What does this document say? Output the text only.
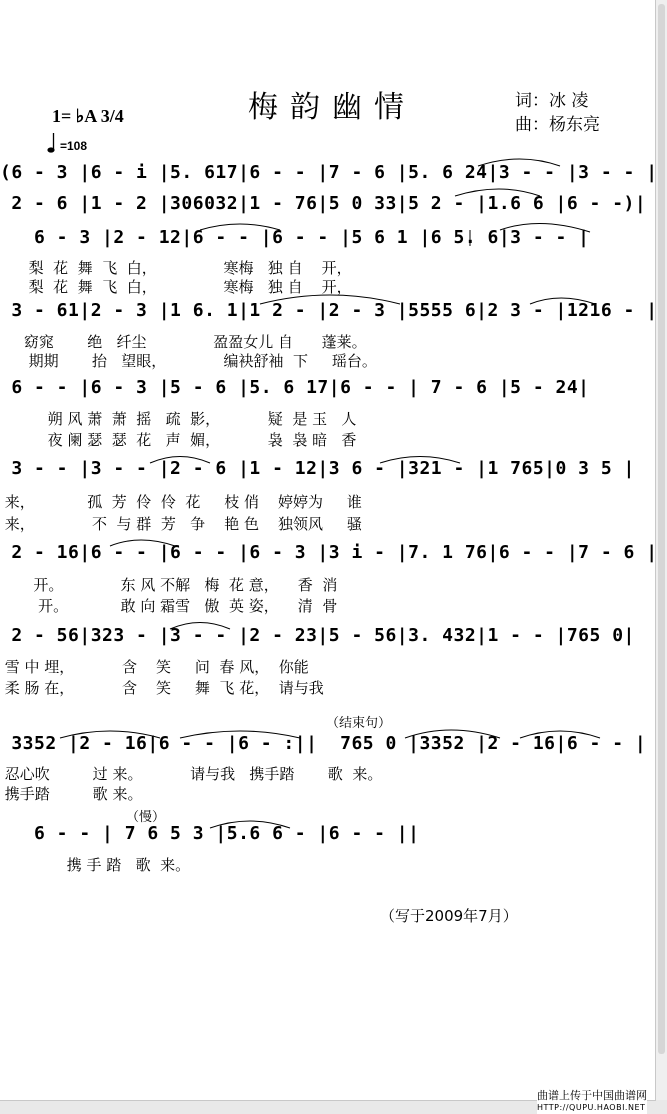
梅韵幽情	词：冰 凌
曲：杨东亮
1= ♭A 3/4
=108
(6 - 3 |6 - i |5. 617|6 - - |7 - 6 |5. 6 24|3 - - |3 - - |
2 - 6 |1 - 2 |306032|1 - 76|5 0 33|5 2 - |1.6 6 |6 - -)|
6 - 3 |2 - 12|6 - - |6 - - |5 6 1 |6 5. 6|3 - - |
梨  花  舞  飞  白，              寒梅   独 自    开，
梨  花  舞  飞  白，              寒梅   独 自    开，
3 - 61|2 - 3 |1 6. 1|1 2 - |2 - 3 |5555 6|2 3 - |1216 - |
窈窕       绝   纤尘              盈盈女儿 自      蓬莱。
期期       抬   望眼，            编袂舒袖  下     瑶台。
6 - - |6 - 3 |5 - 6 |5. 6 17|6 - - | 7 - 6 |5 - 24|
朔 风 萧  萧  摇   疏  影，          疑  是 玉   人
夜 阑 瑟  瑟  花   声  媚，          袅  袅 暗   香
3 - - |3 - - |2 - 6 |1 - 12|3 6 - |321 - |1 765|0 3 5 |
来，           孤  芳  伶  伶  花     枝 俏    婷婷为     谁
来，            不  与 群  芳   争    艳 色    独领风     骚
2 - 16|6 - - |6 - - |6 - 3 |3 i - |7. 1 76|6 - - |7 - 6 |
开。            东 风 不解   梅  花 意，    香  消
开。           敢 向 霜雪   傲  英 姿，    清  骨
2 - 56|323 - |3 - - |2 - 23|5 - 56|3. 432|1 - - |765 0|
雪 中 埋，          含    笑     问  春 风，  你能
柔 肠 在，          含    笑     舞  飞 花，  请与我
（结束句）
3352 |2 - 16|6 - - |6 - :||  765 0 |3352 |2 - 16|6 - - |
忍心吹         过 来。          请与我   携手踏       歌  来。
携手踏         歌 来。
（慢）
6 - - | 7 6 5 3 |5.6 6 - |6 - - ||
携 手 踏   歌  来。
（写于2009年7月）
曲谱上传于中国曲谱网
HTTP://QUPU.HAOBI.NET
